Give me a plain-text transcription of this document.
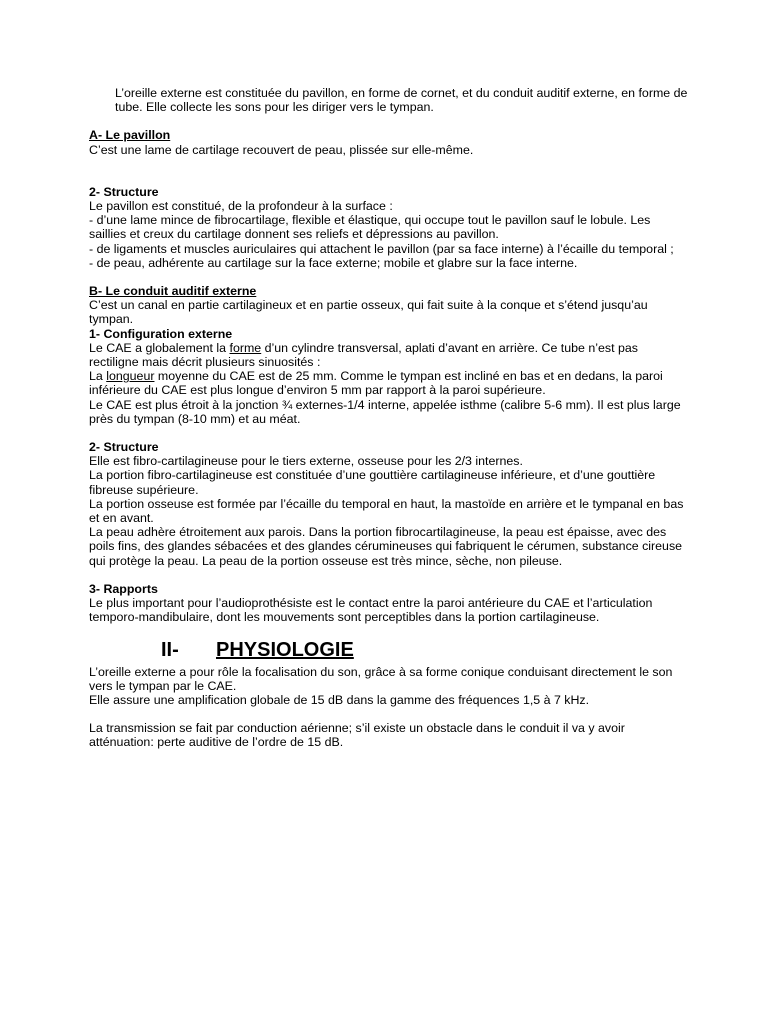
L’oreille externe est constituée du pavillon, en forme de cornet, et du conduit auditif externe, en forme de tube. Elle collecte les sons pour les diriger vers le tympan.
A- Le pavillon
C’est une lame de cartilage recouvert de peau, plissée sur elle-même.
2- Structure
Le pavillon est constitué, de la profondeur à la surface :
- d’une lame mince de fibrocartilage, flexible et élastique, qui occupe tout le pavillon sauf le lobule. Les saillies et creux du cartilage donnent ses reliefs et dépressions au pavillon.
- de ligaments et muscles auriculaires qui attachent le pavillon (par sa face interne) à l’écaille du temporal ;
- de peau, adhérente au cartilage sur la face externe; mobile et glabre sur la face interne.
B- Le conduit auditif externe
C’est un canal en partie cartilagineux et en partie osseux, qui fait suite à la conque et s’étend jusqu’au tympan.
1- Configuration externe
Le CAE a globalement la forme d’un cylindre transversal, aplati d’avant en arrière. Ce tube n’est pas rectiligne mais décrit plusieurs sinuosités :
La longueur moyenne du CAE est de 25 mm. Comme le tympan est incliné en bas et en dedans, la paroi inférieure du CAE est plus longue d’environ 5 mm par rapport à la paroi supérieure.
Le CAE est plus étroit à la jonction ¾ externes-1/4 interne, appelée isthme (calibre 5-6 mm). Il est plus large près du tympan (8-10 mm) et au méat.
2- Structure
Elle est fibro-cartilagineuse pour le tiers externe, osseuse pour les 2/3 internes.
La portion fibro-cartilagineuse est constituée d’une gouttière cartilagineuse inférieure, et d’une gouttière fibreuse supérieure.
La portion osseuse est formée par l’écaille du temporal en haut, la mastoïde en arrière et le tympanal en bas et en avant.
La peau adhère étroitement aux parois. Dans la portion fibrocartilagineuse, la peau est épaisse, avec des poils fins, des glandes sébacées et des glandes cérumineuses qui fabriquent le cérumen, substance cireuse qui protège la peau. La peau de la portion osseuse est très mince, sèche, non pileuse.
3- Rapports
Le plus important pour l’audioprothésiste est le contact entre la paroi antérieure du CAE et l’articulation temporo-mandibulaire, dont les mouvements sont perceptibles dans la portion cartilagineuse.
II- PHYSIOLOGIE
L’oreille externe a pour rôle la focalisation du son, grâce à sa forme conique conduisant directement le son vers le tympan par le CAE.
Elle assure une amplification globale de 15 dB dans la gamme des fréquences 1,5 à 7 kHz.
La transmission se fait par conduction aérienne; s’il existe un obstacle dans le conduit il va y avoir atténuation: perte auditive de l’ordre de 15 dB.
